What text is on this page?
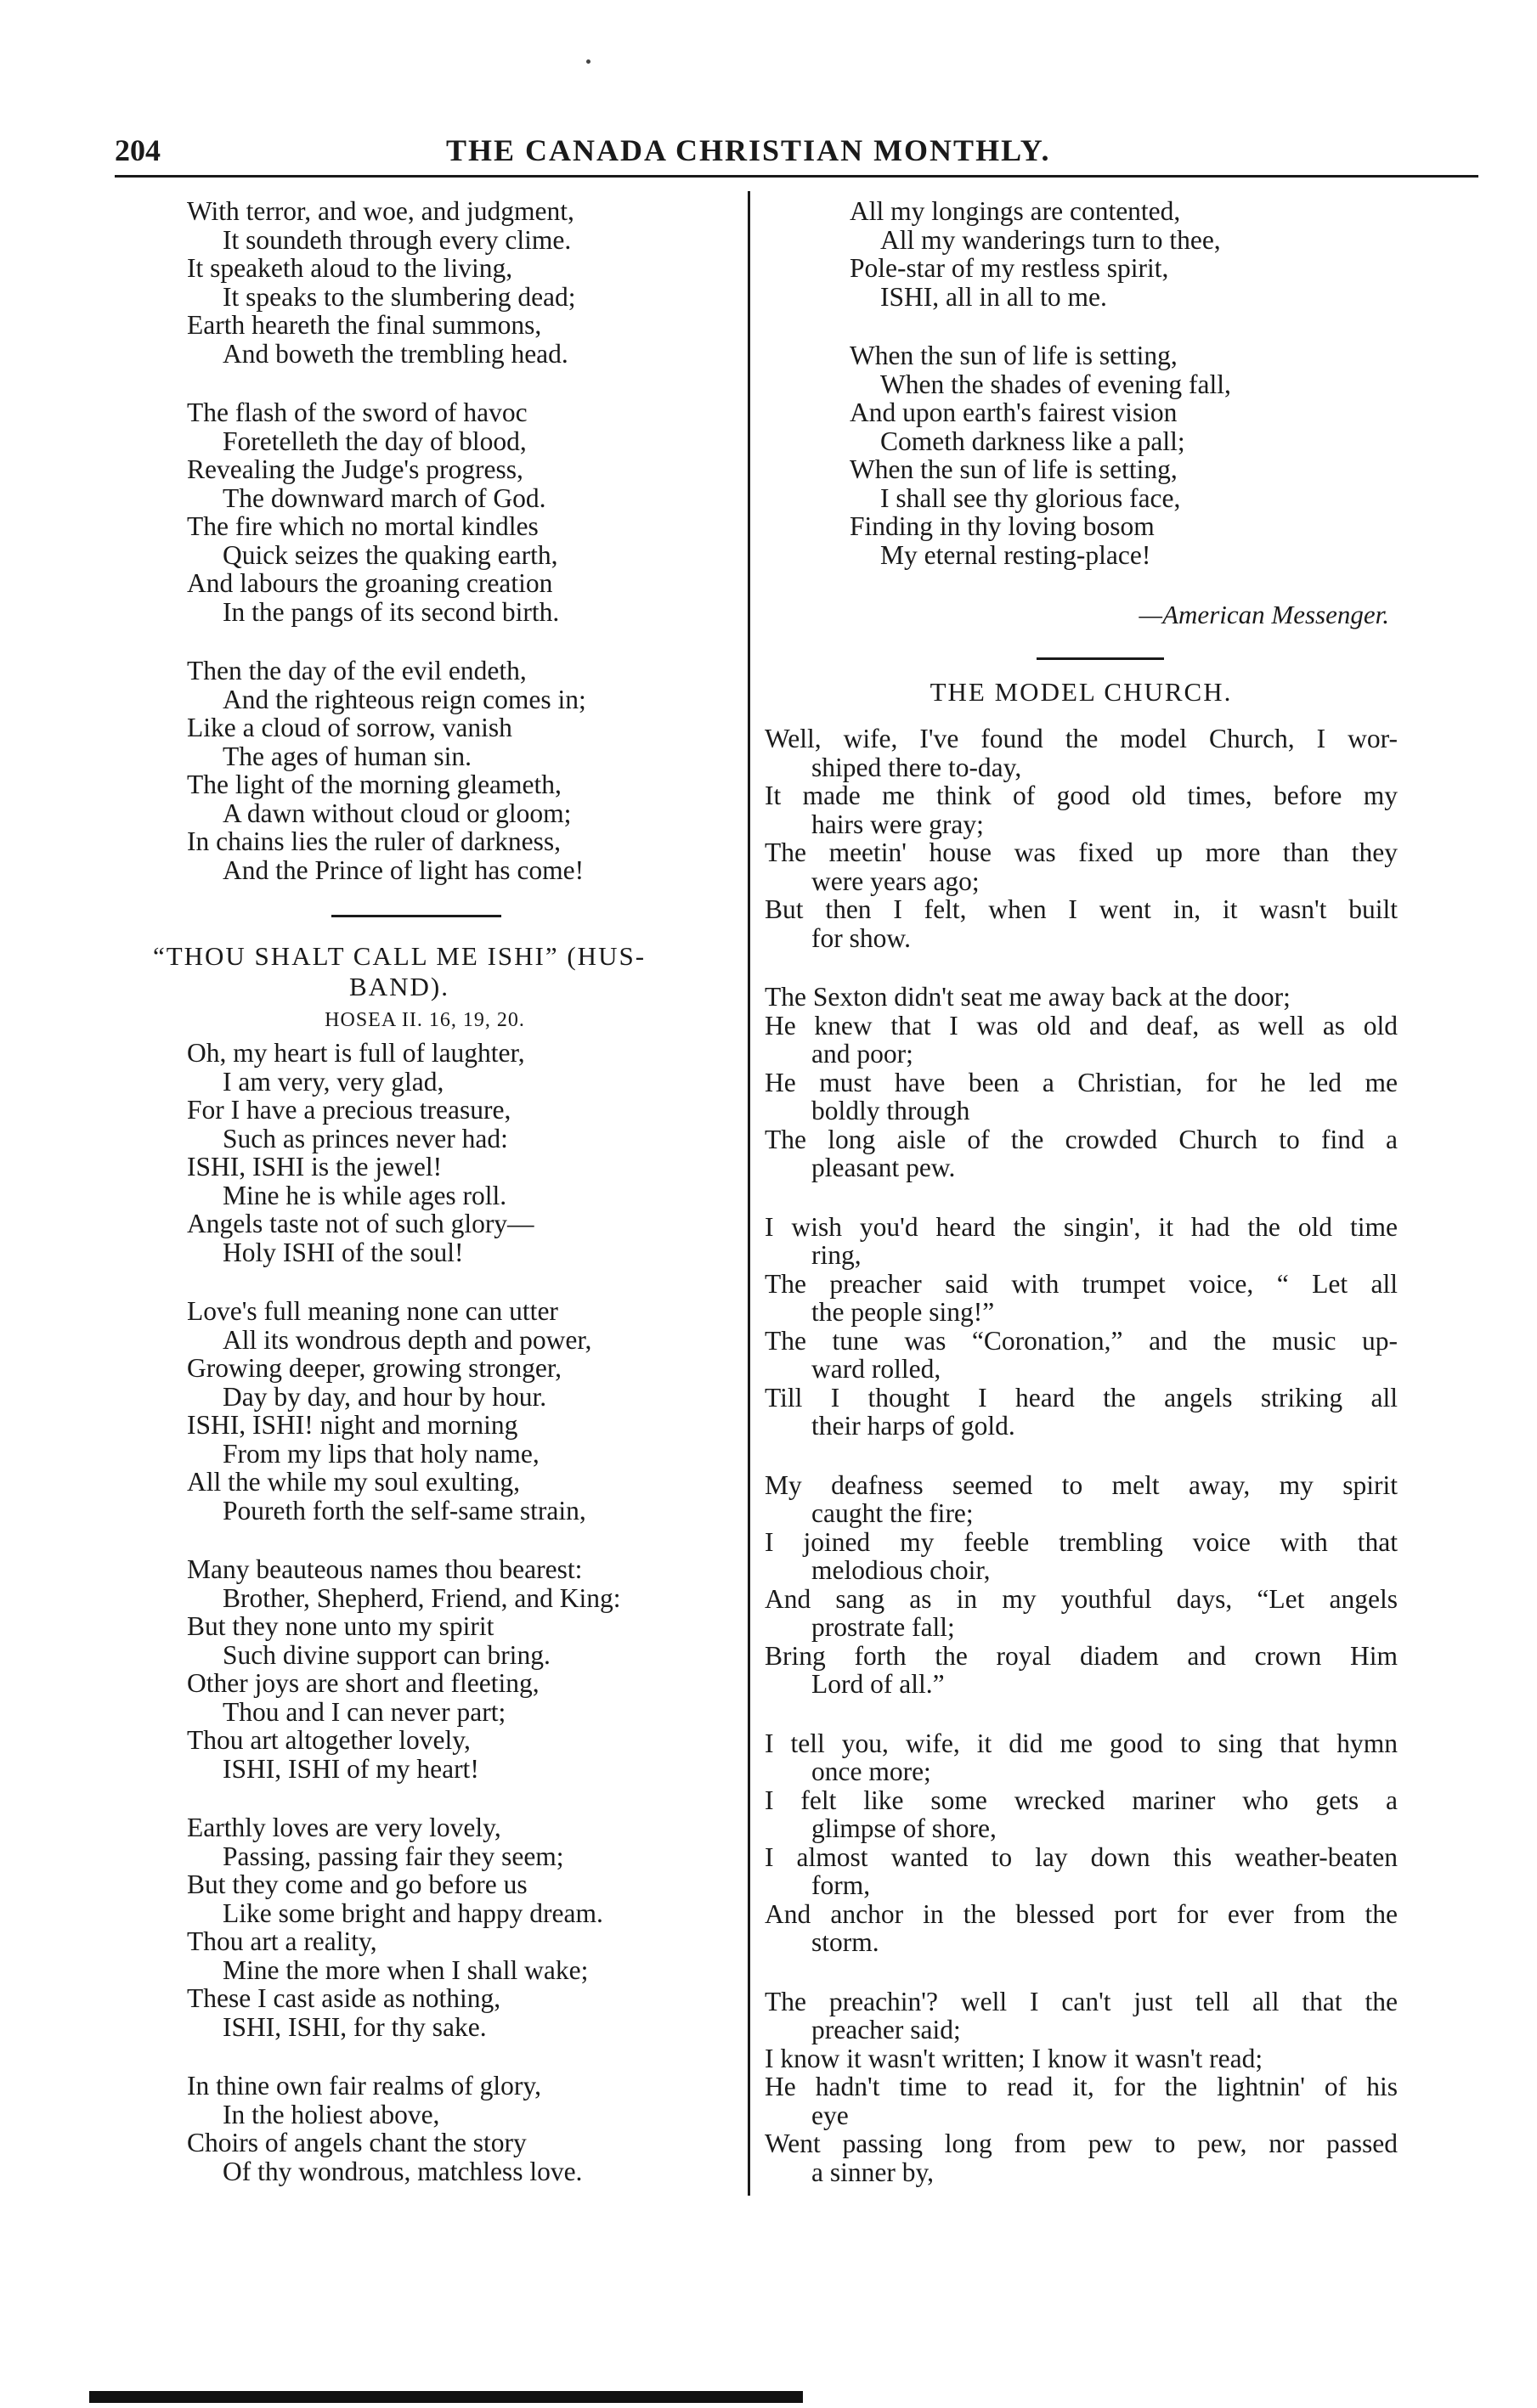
204	THE CANADA CHRISTIAN MONTHLY.
With terror, and woe, and judgment,
It soundeth through every clime.
It speaketh aloud to the living,
It speaks to the slumbering dead;
Earth heareth the final summons,
And boweth the trembling head.
The flash of the sword of havoc
Foretelleth the day of blood,
Revealing the Judge's progress,
The downward march of God.
The fire which no mortal kindles
Quick seizes the quaking earth,
And labours the groaning creation
In the pangs of its second birth.
Then the day of the evil endeth,
And the righteous reign comes in;
Like a cloud of sorrow, vanish
The ages of human sin.
The light of the morning gleameth,
A dawn without cloud or gloom;
In chains lies the ruler of darkness,
And the Prince of light has come!
“THOU SHALT CALL ME ISHI” (HUS-
BAND).
HOSEA II. 16, 19, 20.
Oh, my heart is full of laughter,
I am very, very glad,
For I have a precious treasure,
Such as princes never had:
ISHI, ISHI is the jewel!
Mine he is while ages roll.
Angels taste not of such glory—
Holy ISHI of the soul!
Love's full meaning none can utter
All its wondrous depth and power,
Growing deeper, growing stronger,
Day by day, and hour by hour.
ISHI, ISHI! night and morning
From my lips that holy name,
All the while my soul exulting,
Poureth forth the self-same strain,
Many beauteous names thou bearest:
Brother, Shepherd, Friend, and King:
But they none unto my spirit
Such divine support can bring.
Other joys are short and fleeting,
Thou and I can never part;
Thou art altogether lovely,
ISHI, ISHI of my heart!
Earthly loves are very lovely,
Passing, passing fair they seem;
But they come and go before us
Like some bright and happy dream.
Thou art a reality,
Mine the more when I shall wake;
These I cast aside as nothing,
ISHI, ISHI, for thy sake.
In thine own fair realms of glory,
In the holiest above,
Choirs of angels chant the story
Of thy wondrous, matchless love.
All my longings are contented,
All my wanderings turn to thee,
Pole-star of my restless spirit,
ISHI, all in all to me.
When the sun of life is setting,
When the shades of evening fall,
And upon earth's fairest vision
Cometh darkness like a pall;
When the sun of life is setting,
I shall see thy glorious face,
Finding in thy loving bosom
My eternal resting-place!
—American Messenger.
THE MODEL CHURCH.
Well, wife, I've found the model Church, I wor-
shiped there to-day,
It made me think of good old times, before my
hairs were gray;
The meetin' house was fixed up more than they
were years ago;
But then I felt, when I went in, it wasn't built
for show.
The Sexton didn't seat me away back at the door;
He knew that I was old and deaf, as well as old
and poor;
He must have been a Christian, for he led me
boldly through
The long aisle of the crowded Church to find a
pleasant pew.
I wish you'd heard the singin', it had the old time
ring,
The preacher said with trumpet voice, “ Let all
the people sing!”
The tune was “Coronation,” and the music up-
ward rolled,
Till I thought I heard the angels striking all
their harps of gold.
My deafness seemed to melt away, my spirit
caught the fire;
I joined my feeble trembling voice with that
melodious choir,
And sang as in my youthful days, “Let angels
prostrate fall;
Bring forth the royal diadem and crown Him
Lord of all.”
I tell you, wife, it did me good to sing that hymn
once more;
I felt like some wrecked mariner who gets a
glimpse of shore,
I almost wanted to lay down this weather-beaten
form,
And anchor in the blessed port for ever from the
storm.
The preachin'? well I can't just tell all that the
preacher said;
I know it wasn't written; I know it wasn't read;
He hadn't time to read it, for the lightnin' of his
eye
Went passing long from pew to pew, nor passed
a sinner by,
